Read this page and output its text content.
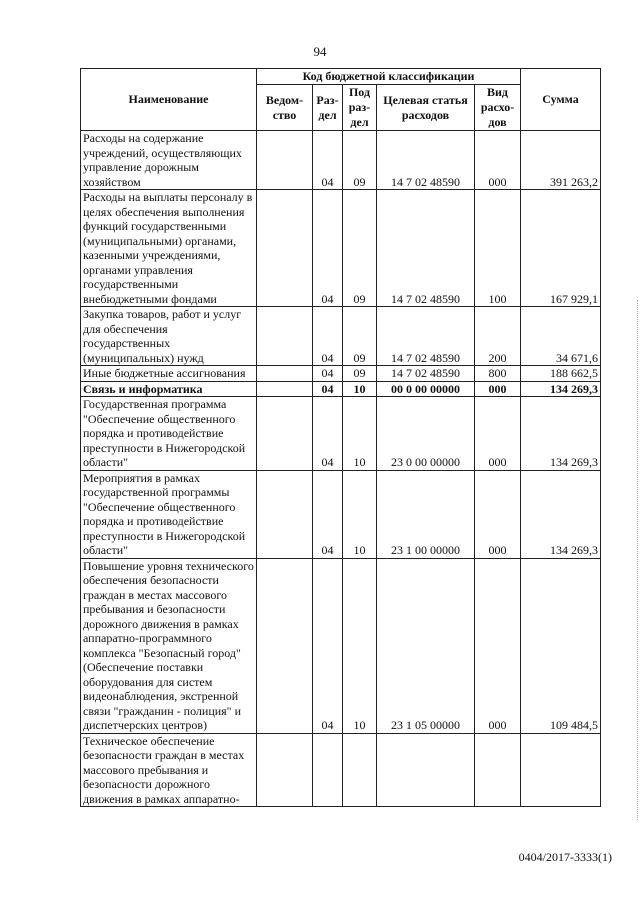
94
Наименование	Код бюджетной классификации					Сумма
	Ведом-ство	Раз-дел	Под раз-дел	Целевая статья расходов	Вид расхо-дов	
Расходы на содержание учреждений, осуществляющих управление дорожным хозяйством		04	09	14 7 02 48590	000	391 263,2
Расходы на выплаты персоналу в целях обеспечения выполнения функций государственными (муниципальными) органами, казенными учреждениями, органами управления государственными внебюджетными фондами		04	09	14 7 02 48590	100	167 929,1
Закупка товаров, работ и услуг для обеспечения государственных (муниципальных) нужд		04	09	14 7 02 48590	200	34 671,6
Иные бюджетные ассигнования		04	09	14 7 02 48590	800	188 662,5
Связь и информатика		04	10	00 0 00 00000	000	134 269,3
Государственная программа "Обеспечение общественного порядка и противодействие преступности в Нижегородской области"		04	10	23 0 00 00000	000	134 269,3
Мероприятия в рамках государственной программы "Обеспечение общественного порядка и противодействие преступности в Нижегородской области"		04	10	23 1 00 00000	000	134 269,3
Повышение уровня технического обеспечения безопасности граждан в местах массового пребывания и безопасности дорожного движения в рамках аппаратно-программного комплекса "Безопасный город" (Обеспечение поставки оборудования для систем видеонаблюдения, экстренной связи "гражданин - полиция" и диспетчерских центров)		04	10	23 1 05 00000	000	109 484,5
Техническое обеспечение безопасности граждан в местах массового пребывания и безопасности дорожного движения в рамках аппаратно-						
0404/2017-3333(1)
